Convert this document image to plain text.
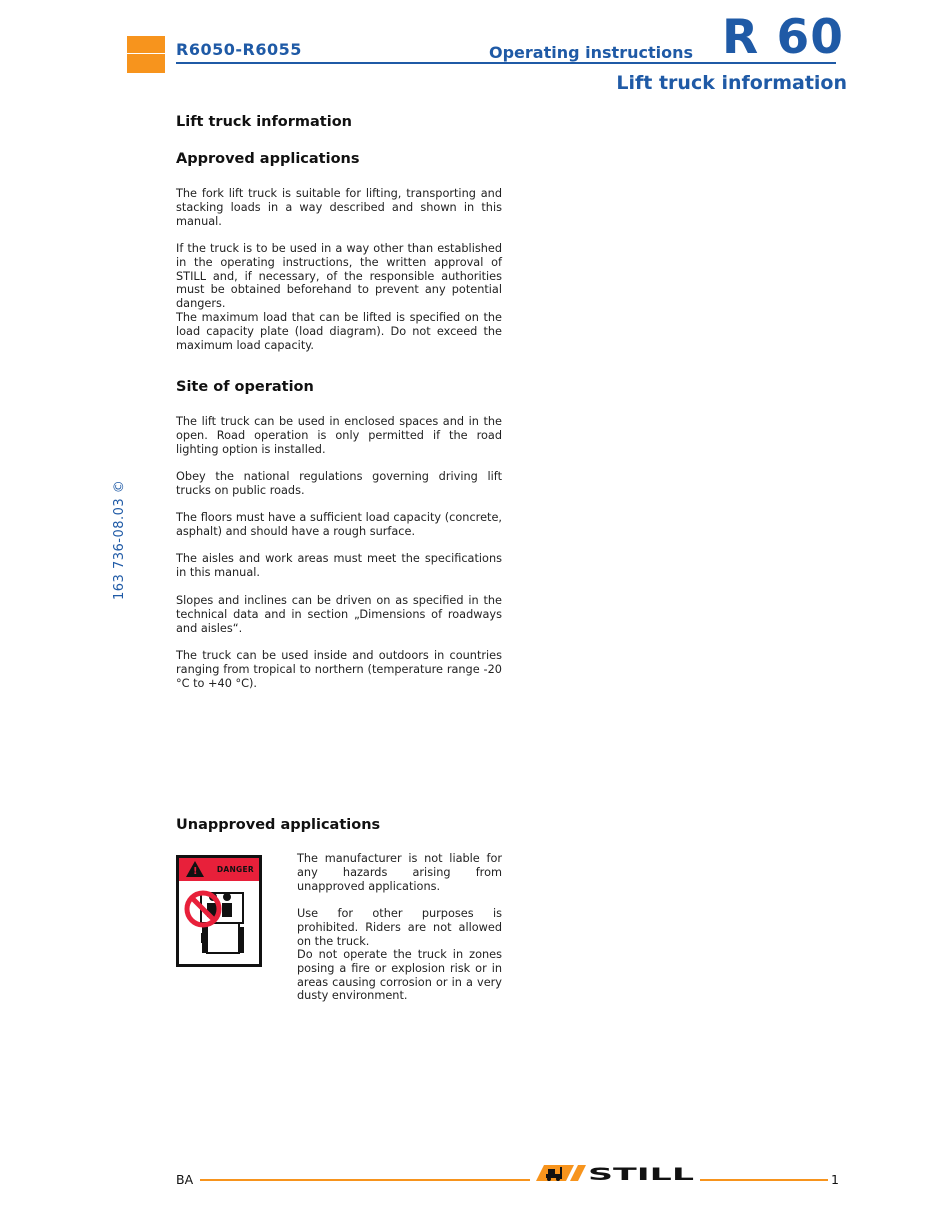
R6050-R6055	Operating instructions R 60
Lift truck information
163 736-08.03 ©
Lift truck information
Approved applications

The fork lift truck is suitable for lifting, transporting and stacking loads in a way described and shown in this manual.

If the truck is to be used in a way other than established in the operating instructions, the written approval of STILL and, if necessary, of the responsible authorities must be obtained beforehand to prevent any potential dangers.

The maximum load that can be lifted is specified on the load capacity plate (load diagram). Do not exceed the maximum load capacity.

Site of operation

The lift truck can be used in enclosed spaces and in the open. Road operation is only permitted if the road lighting option is installed.

Obey the national regulations governing driving lift trucks on public roads.

The floors must have a sufficient load capacity (concrete, asphalt) and should have a rough surface.

The aisles and work areas must meet the specifications in this manual.

Slopes and inclines can be driven on as specified in the technical data and in section „Dimensions of roadways and aisles“.

The truck can be used inside and outdoors in countries ranging from tropical to northern (temperature range -20 °C to +40 °C).

Unapproved applications
!	DANGER

The manufacturer is not liable for any hazards arising from unapproved applications.

Use for other purposes is prohibited. Riders are not allowed on the truck.

Do not operate the truck in zones posing a fire or explosion risk or in areas causing corrosion or in a very dusty environment.

BA	STILL	1
